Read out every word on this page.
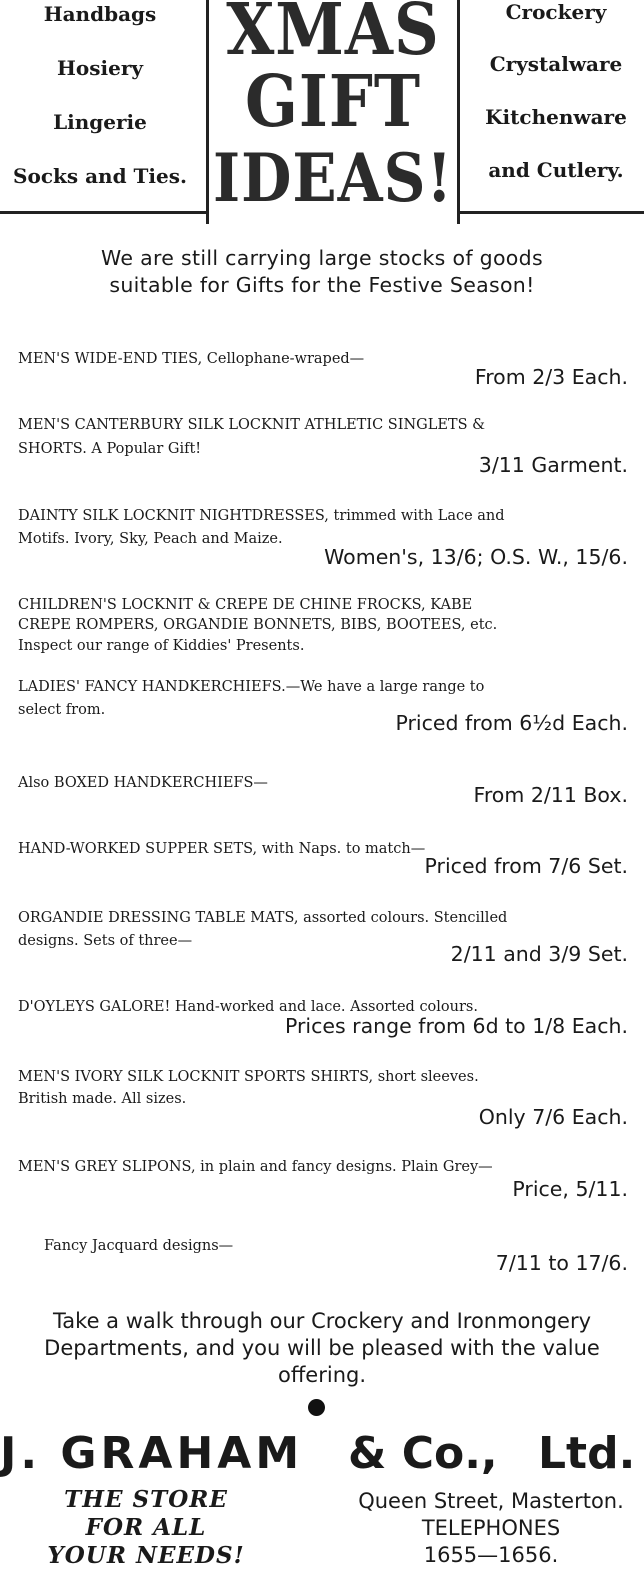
Handbags
Hosiery
Lingerie
Socks and Ties.
XMAS
GIFT
IDEAS!
Crockery
Crystalware
Kitchenware
and Cutlery.
We are still carrying large stocks of goods
suitable for Gifts for the Festive Season!
MEN'S WIDE-END TIES, Cellophane-wraped—
From 2/3 Each.
MEN'S CANTERBURY SILK LOCKNIT ATHLETIC SINGLETS &
SHORTS. A Popular Gift!
3/11 Garment.
DAINTY SILK LOCKNIT NIGHTDRESSES, trimmed with Lace and
Motifs. Ivory, Sky, Peach and Maize.
Women's, 13/6; O.S. W., 15/6.
CHILDREN'S LOCKNIT & CREPE DE CHINE FROCKS, KABE
CREPE ROMPERS, ORGANDIE BONNETS, BIBS, BOOTEES, etc.
Inspect our range of Kiddies' Presents.
LADIES' FANCY HANDKERCHIEFS.—We have a large range to
select from.
Priced from 6½d Each.
Also BOXED HANDKERCHIEFS—	From 2/11 Box.
HAND-WORKED SUPPER SETS, with Naps. to match—
Priced from 7/6 Set.
ORGANDIE DRESSING TABLE MATS, assorted colours. Stencilled
designs. Sets of three—
2/11 and 3/9 Set.
D'OYLEYS GALORE! Hand-worked and lace. Assorted colours.
Prices range from 6d to 1/8 Each.
MEN'S IVORY SILK LOCKNIT SPORTS SHIRTS, short sleeves.
British made. All sizes.
Only 7/6 Each.
MEN'S GREY SLIPONS, in plain and fancy designs. Plain Grey—
Price, 5/11.
Fancy Jacquard designs—
7/11 to 17/6.
Take a walk through our Crockery and Ironmongery
Departments, and you will be pleased with the value
offering.
J. GRAHAM & Co., Ltd.
THE STORE
FOR ALL
YOUR NEEDS!
Queen Street, Masterton.
TELEPHONES
1655—1656.
